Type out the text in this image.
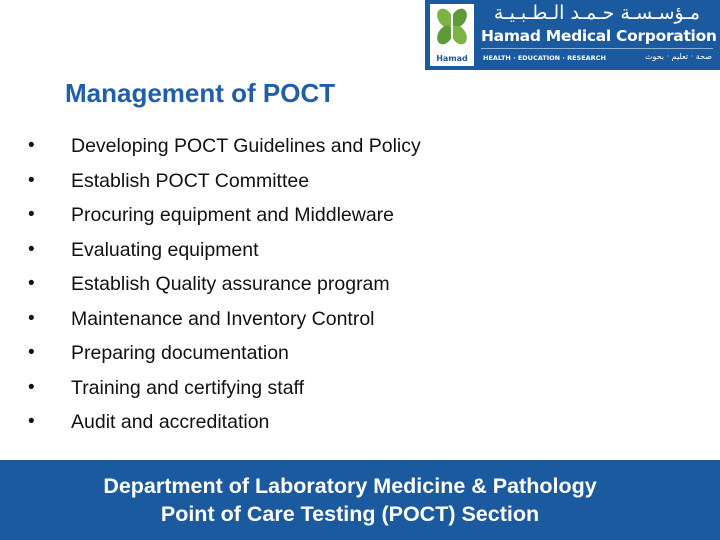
Hamad
مـؤسـسـة حـمـد الـطـبـيـة
Hamad Medical Corporation
HEALTH · EDUCATION · RESEARCH	صحة · تعليم · بحوث
Management of POCT
• Developing POCT Guidelines and Policy
• Establish POCT Committee
• Procuring equipment and Middleware
• Evaluating equipment
• Establish Quality assurance program
• Maintenance and Inventory Control
• Preparing documentation
• Training and certifying staff
• Audit and accreditation
Department of Laboratory Medicine & Pathology
Point of Care Testing (POCT) Section
